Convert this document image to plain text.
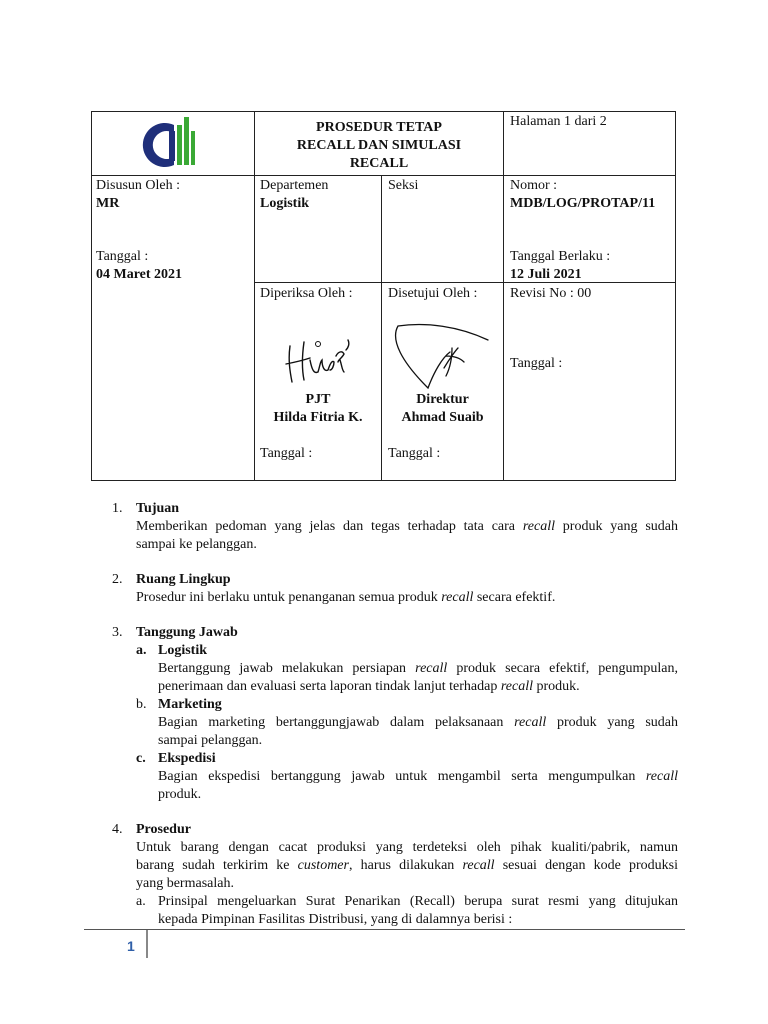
PROSEDUR TETAP
RECALL DAN SIMULASI
RECALL
Halaman 1 dari 2
Disusun Oleh :
MR
Tanggal :
04 Maret 2021
Departemen
Logistik
Seksi	Nomor :
MDB/LOG/PROTAP/11
Tanggal Berlaku :
12 Juli 2021
Diperiksa Oleh :
PJT
Hilda Fitria K.
Tanggal :
Disetujui Oleh :
Direktur
Ahmad Suaib
Tanggal :
Revisi No : 00
Tanggal :
1. Tujuan
Memberikan pedoman yang jelas dan tegas terhadap tata cara recall produk yang sudah
sampai ke pelanggan.
2. Ruang Lingkup
Prosedur ini berlaku untuk penanganan semua produk recall secara efektif.
3. Tanggung Jawab
a. Logistik
Bertanggung jawab melakukan persiapan recall produk secara efektif, pengumpulan,
penerimaan dan evaluasi serta laporan tindak lanjut terhadap recall produk.
b. Marketing
Bagian marketing bertanggungjawab dalam pelaksanaan recall produk yang sudah
sampai pelanggan.
c. Ekspedisi
Bagian ekspedisi bertanggung jawab untuk mengambil serta mengumpulkan recall
produk.
4. Prosedur
Untuk barang dengan cacat produksi yang terdeteksi oleh pihak kualiti/pabrik, namun
barang sudah terkirim ke customer, harus dilakukan recall sesuai dengan kode produksi
yang bermasalah.
a. Prinsipal mengeluarkan Surat Penarikan (Recall) berupa surat resmi yang ditujukan
kepada Pimpinan Fasilitas Distribusi, yang di dalamnya berisi :
1
